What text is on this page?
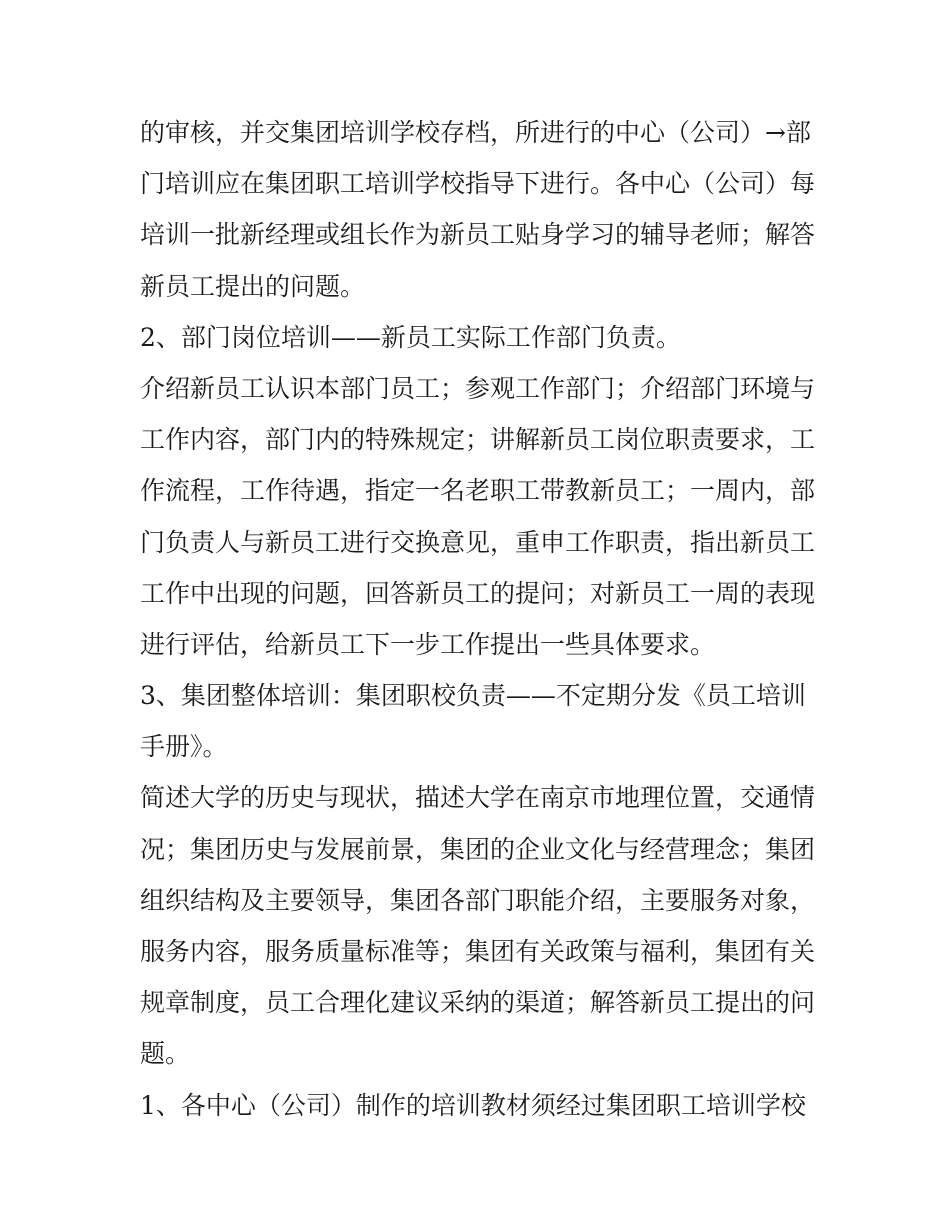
的审核，并交集团培训学校存档，所进行的中心（公司）→部
门培训应在集团职工培训学校指导下进行。各中心（公司）每
培训一批新经理或组长作为新员工贴身学习的辅导老师；解答
新员工提出的问题。
2、部门岗位培训——新员工实际工作部门负责。
介绍新员工认识本部门员工；参观工作部门；介绍部门环境与
工作内容，部门内的特殊规定；讲解新员工岗位职责要求，工
作流程，工作待遇，指定一名老职工带教新员工；一周内，部
门负责人与新员工进行交换意见，重申工作职责，指出新员工
工作中出现的问题，回答新员工的提问；对新员工一周的表现
进行评估，给新员工下一步工作提出一些具体要求。
3、集团整体培训：集团职校负责——不定期分发《员工培训
手册》。
简述大学的历史与现状，描述大学在南京市地理位置，交通情
况；集团历史与发展前景，集团的企业文化与经营理念；集团
组织结构及主要领导，集团各部门职能介绍，主要服务对象，
服务内容，服务质量标准等；集团有关政策与福利，集团有关
规章制度，员工合理化建议采纳的渠道；解答新员工提出的问
题。
1、各中心（公司）制作的培训教材须经过集团职工培训学校
